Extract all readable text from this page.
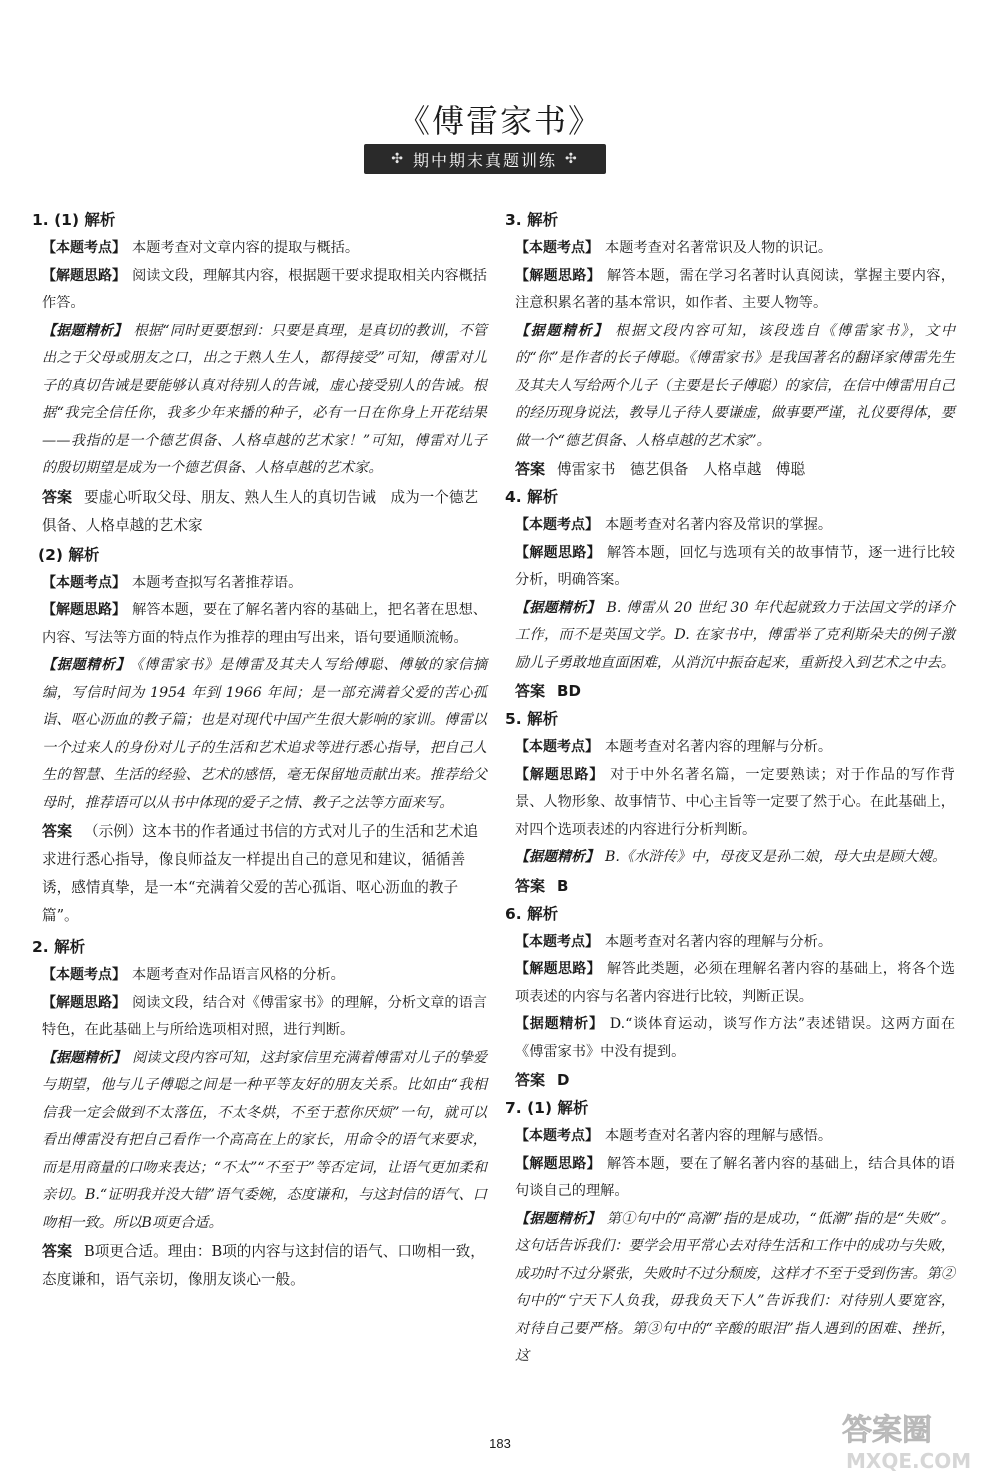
《傅雷家书》
✣ 期中期末真题训练 ✣
1. (1) 解析

【本题考点】 本题考查对文章内容的提取与概括。

【解题思路】 阅读文段，理解其内容，根据题干要求提取相关内容概括作答。

【据题精析】 根据“同时更要想到：只要是真理，是真切的教训，不管出之于父母或朋友之口，出之于熟人生人，都得接受”可知，傅雷对儿子的真切告诫是要能够认真对待别人的告诫，虚心接受别人的告诫。根据“我完全信任你，我多少年来播的种子，必有一日在你身上开花结果——我指的是一个德艺俱备、人格卓越的艺术家！”可知，傅雷对儿子的殷切期望是成为一个德艺俱备、人格卓越的艺术家。

答案 要虚心听取父母、朋友、熟人生人的真切告诫　成为一个德艺俱备、人格卓越的艺术家

(2) 解析

【本题考点】 本题考查拟写名著推荐语。

【解题思路】 解答本题，要在了解名著内容的基础上，把名著在思想、内容、写法等方面的特点作为推荐的理由写出来，语句要通顺流畅。

【据题精析】 《傅雷家书》是傅雷及其夫人写给傅聪、傅敏的家信摘编，写信时间为 1954 年到 1966 年间；是一部充满着父爱的苦心孤诣、呕心沥血的教子篇；也是对现代中国产生很大影响的家训。傅雷以一个过来人的身份对儿子的生活和艺术追求等进行悉心指导，把自己人生的智慧、生活的经验、艺术的感悟，毫无保留地贡献出来。推荐给父母时，推荐语可以从书中体现的爱子之情、教子之法等方面来写。

答案 （示例）这本书的作者通过书信的方式对儿子的生活和艺术追求进行悉心指导，像良师益友一样提出自己的意见和建议，循循善诱，感情真挚，是一本“充满着父爱的苦心孤诣、呕心沥血的教子篇”。

2. 解析

【本题考点】 本题考查对作品语言风格的分析。

【解题思路】 阅读文段，结合对《傅雷家书》的理解，分析文章的语言特色，在此基础上与所给选项相对照，进行判断。

【据题精析】 阅读文段内容可知，这封家信里充满着傅雷对儿子的挚爱与期望，他与儿子傅聪之间是一种平等友好的朋友关系。比如由“我相信我一定会做到不太落伍，不太冬烘，不至于惹你厌烦”一句，就可以看出傅雷没有把自己看作一个高高在上的家长，用命令的语气来要求，而是用商量的口吻来表达；“不太”“不至于”等否定词，让语气更加柔和亲切。B.“证明我并没大错”语气委婉，态度谦和，与这封信的语气、口吻相一致。所以B项更合适。

答案 B项更合适。理由：B项的内容与这封信的语气、口吻相一致，态度谦和，语气亲切，像朋友谈心一般。

3. 解析

【本题考点】 本题考查对名著常识及人物的识记。

【解题思路】 解答本题，需在学习名著时认真阅读，掌握主要内容，注意积累名著的基本常识，如作者、主要人物等。

【据题精析】 根据文段内容可知，该段选自《傅雷家书》，文中的“你”是作者的长子傅聪。《傅雷家书》是我国著名的翻译家傅雷先生及其夫人写给两个儿子（主要是长子傅聪）的家信，在信中傅雷用自己的经历现身说法，教导儿子待人要谦虚，做事要严谨，礼仪要得体，要做一个“德艺俱备、人格卓越的艺术家”。

答案 傅雷家书　德艺俱备　人格卓越　傅聪

4. 解析

【本题考点】 本题考查对名著内容及常识的掌握。

【解题思路】 解答本题，回忆与选项有关的故事情节，逐一进行比较分析，明确答案。

【据题精析】 B. 傅雷从 20 世纪 30 年代起就致力于法国文学的译介工作，而不是英国文学。D. 在家书中，傅雷举了克利斯朵夫的例子激励儿子勇敢地直面困难，从消沉中振奋起来，重新投入到艺术之中去。

答案 BD

5. 解析

【本题考点】 本题考查对名著内容的理解与分析。

【解题思路】 对于中外名著名篇，一定要熟读；对于作品的写作背景、人物形象、故事情节、中心主旨等一定要了然于心。在此基础上，对四个选项表述的内容进行分析判断。

【据题精析】 B.《水浒传》中，母夜叉是孙二娘，母大虫是顾大嫂。

答案 B

6. 解析

【本题考点】 本题考查对名著内容的理解与分析。

【解题思路】 解答此类题，必须在理解名著内容的基础上，将各个选项表述的内容与名著内容进行比较，判断正误。

【据题精析】 D.“谈体育运动，谈写作方法”表述错误。这两方面在《傅雷家书》中没有提到。

答案 D

7. (1) 解析

【本题考点】 本题考查对名著内容的理解与感悟。

【解题思路】 解答本题，要在了解名著内容的基础上，结合具体的语句谈自己的理解。

【据题精析】 第①句中的“高潮”指的是成功，“低潮”指的是“失败”。这句话告诉我们：要学会用平常心去对待生活和工作中的成功与失败，成功时不过分紧张，失败时不过分颓废，这样才不至于受到伤害。第②句中的“宁天下人负我，毋我负天下人”告诉我们：对待别人要宽容，对待自己要严格。第③句中的“辛酸的眼泪”指人遇到的困难、挫折，这

183	答案圈
MXQE.COM
